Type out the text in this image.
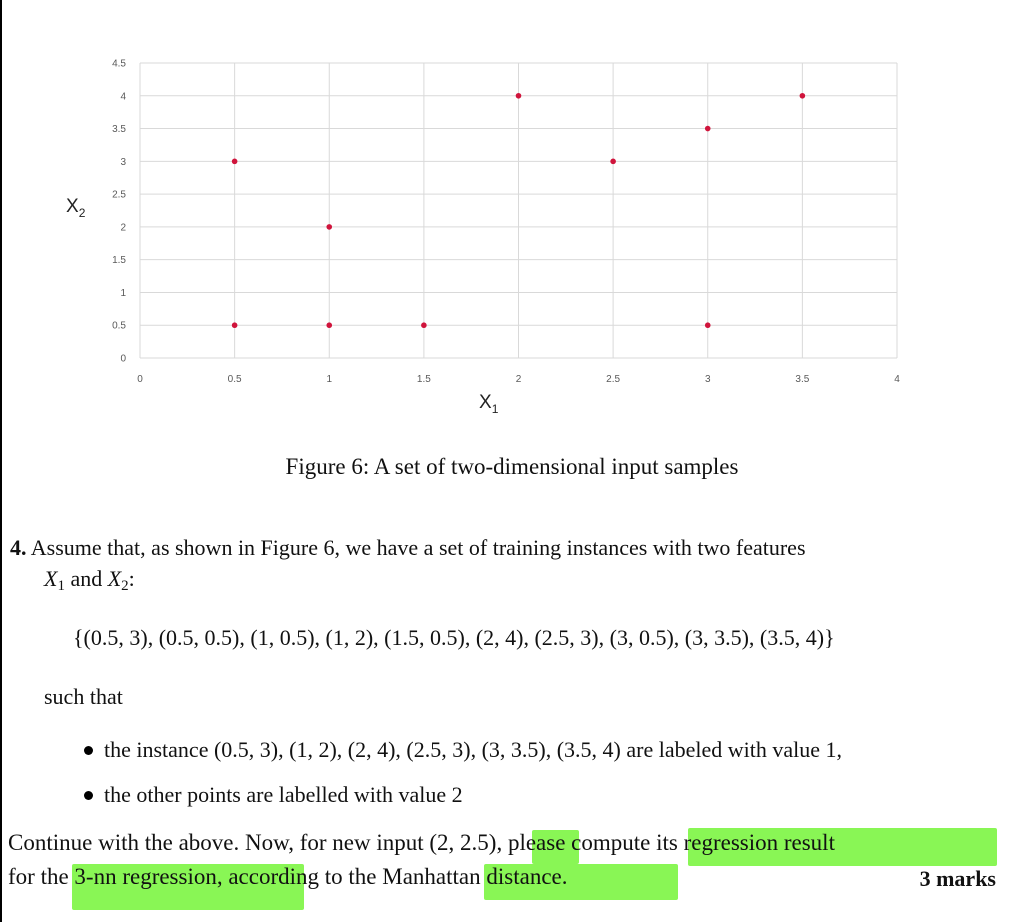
0
0.5
1
1.5
2
2.5
3
3.5
4
4.5
0	0.5	1	1.5	2	2.5	3	3.5	4
$X_2$
$X_1$
Figure 6: A set of two-dimensional input samples
4. Assume that, as shown in Figure 6, we have a set of training instances with two features
$X_1$ and $X_2$:
{(0.5, 3), (0.5, 0.5), (1, 0.5), (1, 2), (1.5, 0.5), (2, 4), (2.5, 3), (3, 0.5), (3, 3.5), (3.5, 4)}
such that
the instance (0.5, 3), (1, 2), (2, 4), (2.5, 3), (3, 3.5), (3.5, 4) are labeled with value 1,
the other points are labelled with value 2
Continue with the above. Now, for new input (2, 2.5), please compute its regression result
for the 3-nn regression, according to the Manhattan distance.	3 marks
